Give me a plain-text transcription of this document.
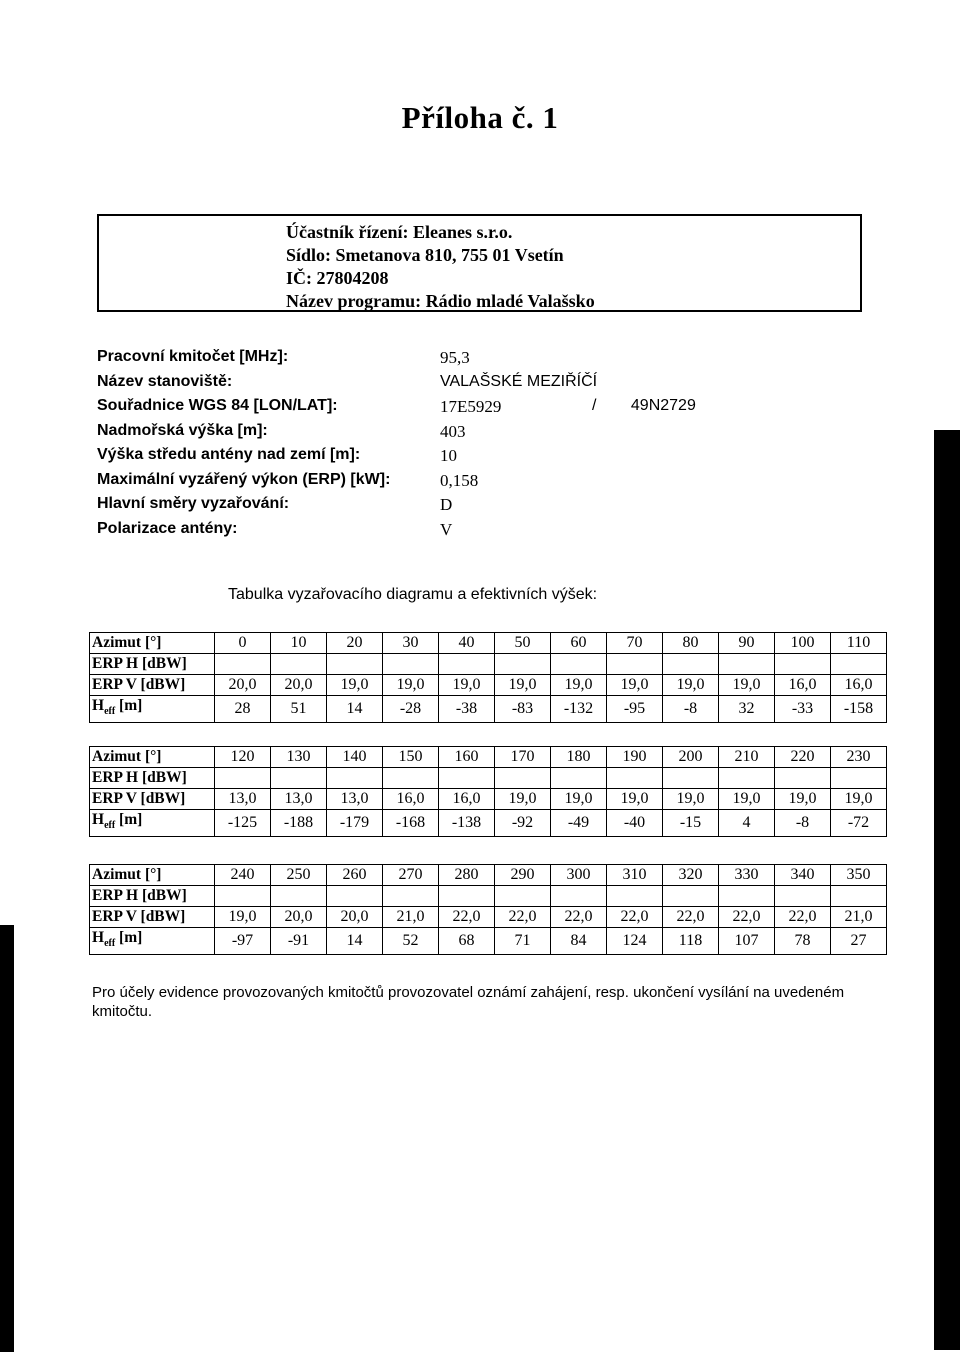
Příloha č. 1
Účastník řízení: Eleanes s.r.o.
Sídlo: Smetanova 810, 755 01 Vsetín
IČ: 27804208
Název programu: Rádio mladé Valašsko
Pracovní kmitočet [MHz]:	95,3
Název stanoviště:	VALAŠSKÉ MEZIŘÍČÍ
Souřadnice WGS 84 [LON/LAT]:	17E5929	/ 49N2729
Nadmořská výška [m]:	403
Výška středu antény nad zemí [m]:	10
Maximální vyzářený výkon (ERP) [kW]:	0,158
Hlavní směry vyzařování:	D
Polarizace antény:	V
Tabulka vyzařovacího diagramu a efektivních výšek:
Azimut [°]	0	10	20	30	40	50	60	70	80	90	100	110
ERP H [dBW]												
ERP V [dBW]	20,0	20,0	19,0	19,0	19,0	19,0	19,0	19,0	19,0	19,0	16,0	16,0
$H_{eff}$ [m]	28	51	14	-28	-38	-83	-132	-95	-8	32	-33	-158
Azimut [°]	120	130	140	150	160	170	180	190	200	210	220	230
ERP H [dBW]												
ERP V [dBW]	13,0	13,0	13,0	16,0	16,0	19,0	19,0	19,0	19,0	19,0	19,0	19,0
$H_{eff}$ [m]	-125	-188	-179	-168	-138	-92	-49	-40	-15	4	-8	-72
Azimut [°]	240	250	260	270	280	290	300	310	320	330	340	350
ERP H [dBW]												
ERP V [dBW]	19,0	20,0	20,0	21,0	22,0	22,0	22,0	22,0	22,0	22,0	22,0	21,0
$H_{eff}$ [m]	-97	-91	14	52	68	71	84	124	118	107	78	27
Pro účely evidence provozovaných kmitočtů provozovatel oznámí zahájení, resp. ukončení vysílání na uvedeném kmitočtu.
